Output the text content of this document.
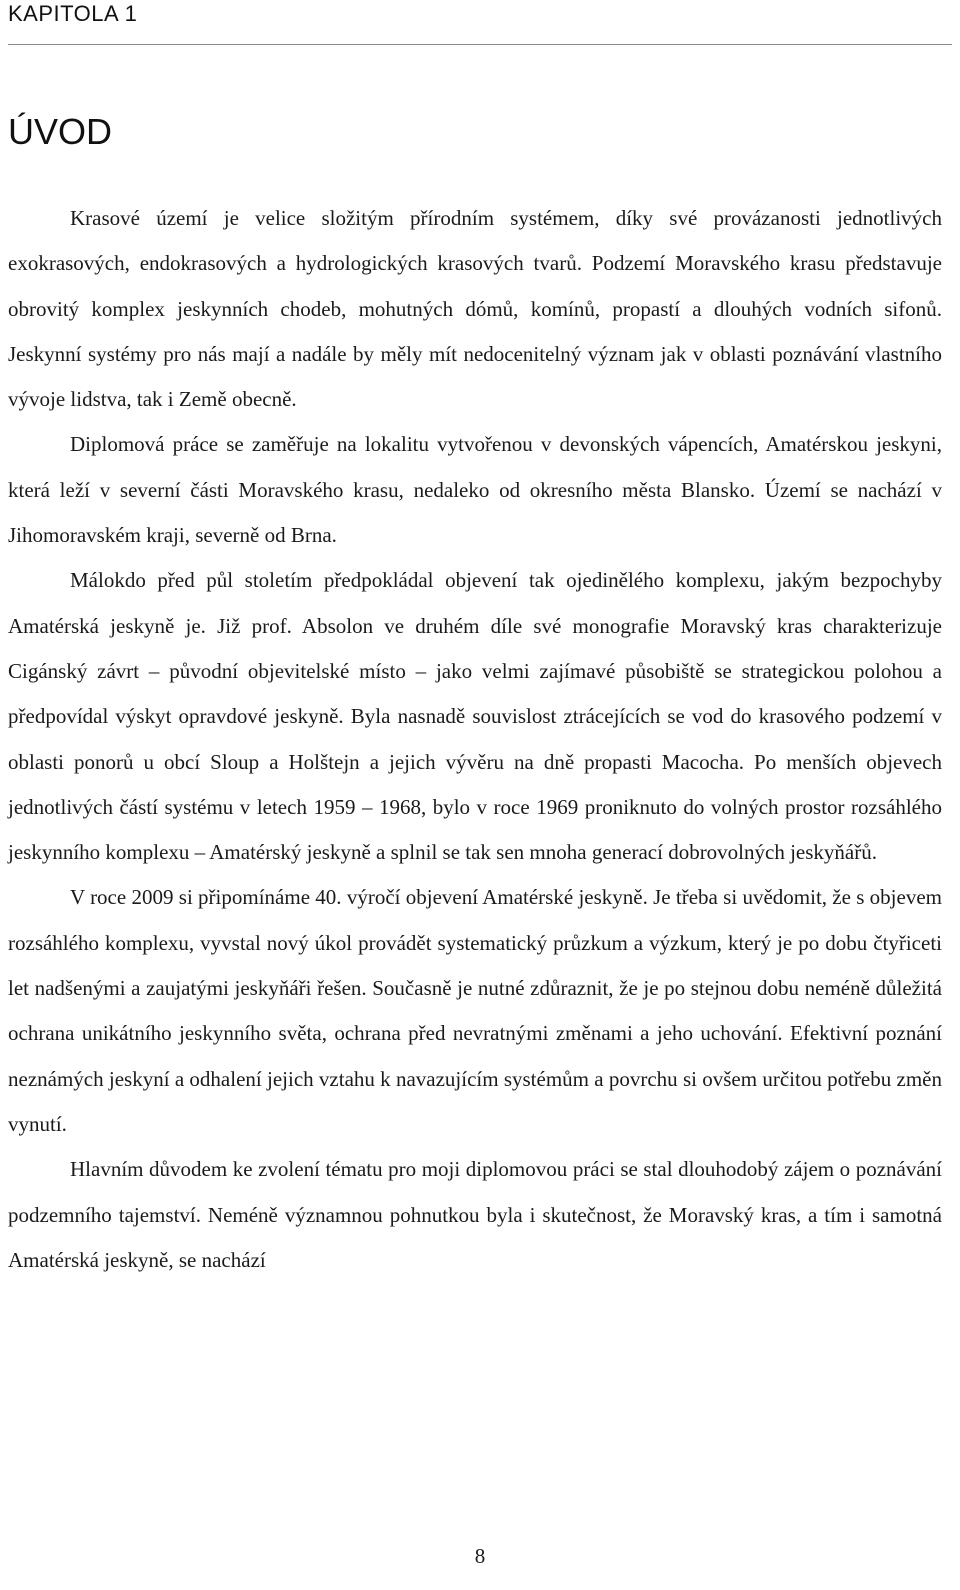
KAPITOLA 1
ÚVOD

Krasové území je velice složitým přírodním systémem, díky své provázanosti jednotlivých exokrasových, endokrasových a hydrologických krasových tvarů. Podzemí Moravského krasu představuje obrovitý komplex jeskynních chodeb, mohutných dómů, komínů, propastí a dlouhých vodních sifonů. Jeskynní systémy pro nás mají a nadále by měly mít nedocenitelný význam jak v oblasti poznávání vlastního vývoje lidstva, tak i Země obecně.

Diplomová práce se zaměřuje na lokalitu vytvořenou v devonských vápencích, Amatérskou jeskyni, která leží v severní části Moravského krasu, nedaleko od okresního města Blansko. Území se nachází v Jihomoravském kraji, severně od Brna.

Málokdo před půl stoletím předpokládal objevení tak ojedinělého komplexu, jakým bezpochyby Amatérská jeskyně je. Již prof. Absolon ve druhém díle své monografie Moravský kras charakterizuje Cigánský závrt – původní objevitelské místo – jako velmi zajímavé působiště se strategickou polohou a předpovídal výskyt opravdové jeskyně. Byla nasnadě souvislost ztrácejících se vod do krasového podzemí v oblasti ponorů u obcí Sloup a Holštejn a jejich vývěru na dně propasti Macocha. Po menších objevech jednotlivých částí systému v letech 1959 – 1968, bylo v roce 1969 proniknuto do volných prostor rozsáhlého jeskynního komplexu – Amatérský jeskyně a splnil se tak sen mnoha generací dobrovolných jeskyňářů.

V roce 2009 si připomínáme 40. výročí objevení Amatérské jeskyně. Je třeba si uvědomit, že s objevem rozsáhlého komplexu, vyvstal nový úkol provádět systematický průzkum a výzkum, který je po dobu čtyřiceti let nadšenými a zaujatými jeskyňáři řešen. Současně je nutné zdůraznit, že je po stejnou dobu neméně důležitá ochrana unikátního jeskynního světa, ochrana před nevratnými změnami a jeho uchování. Efektivní poznání neznámých jeskyní a odhalení jejich vztahu k navazujícím systémům a povrchu si ovšem určitou potřebu změn vynutí.

Hlavním důvodem ke zvolení tématu pro moji diplomovou práci se stal dlouhodobý zájem o poznávání podzemního tajemství. Neméně významnou pohnutkou byla i skutečnost, že Moravský kras, a tím i samotná Amatérská jeskyně, se nachází

8
